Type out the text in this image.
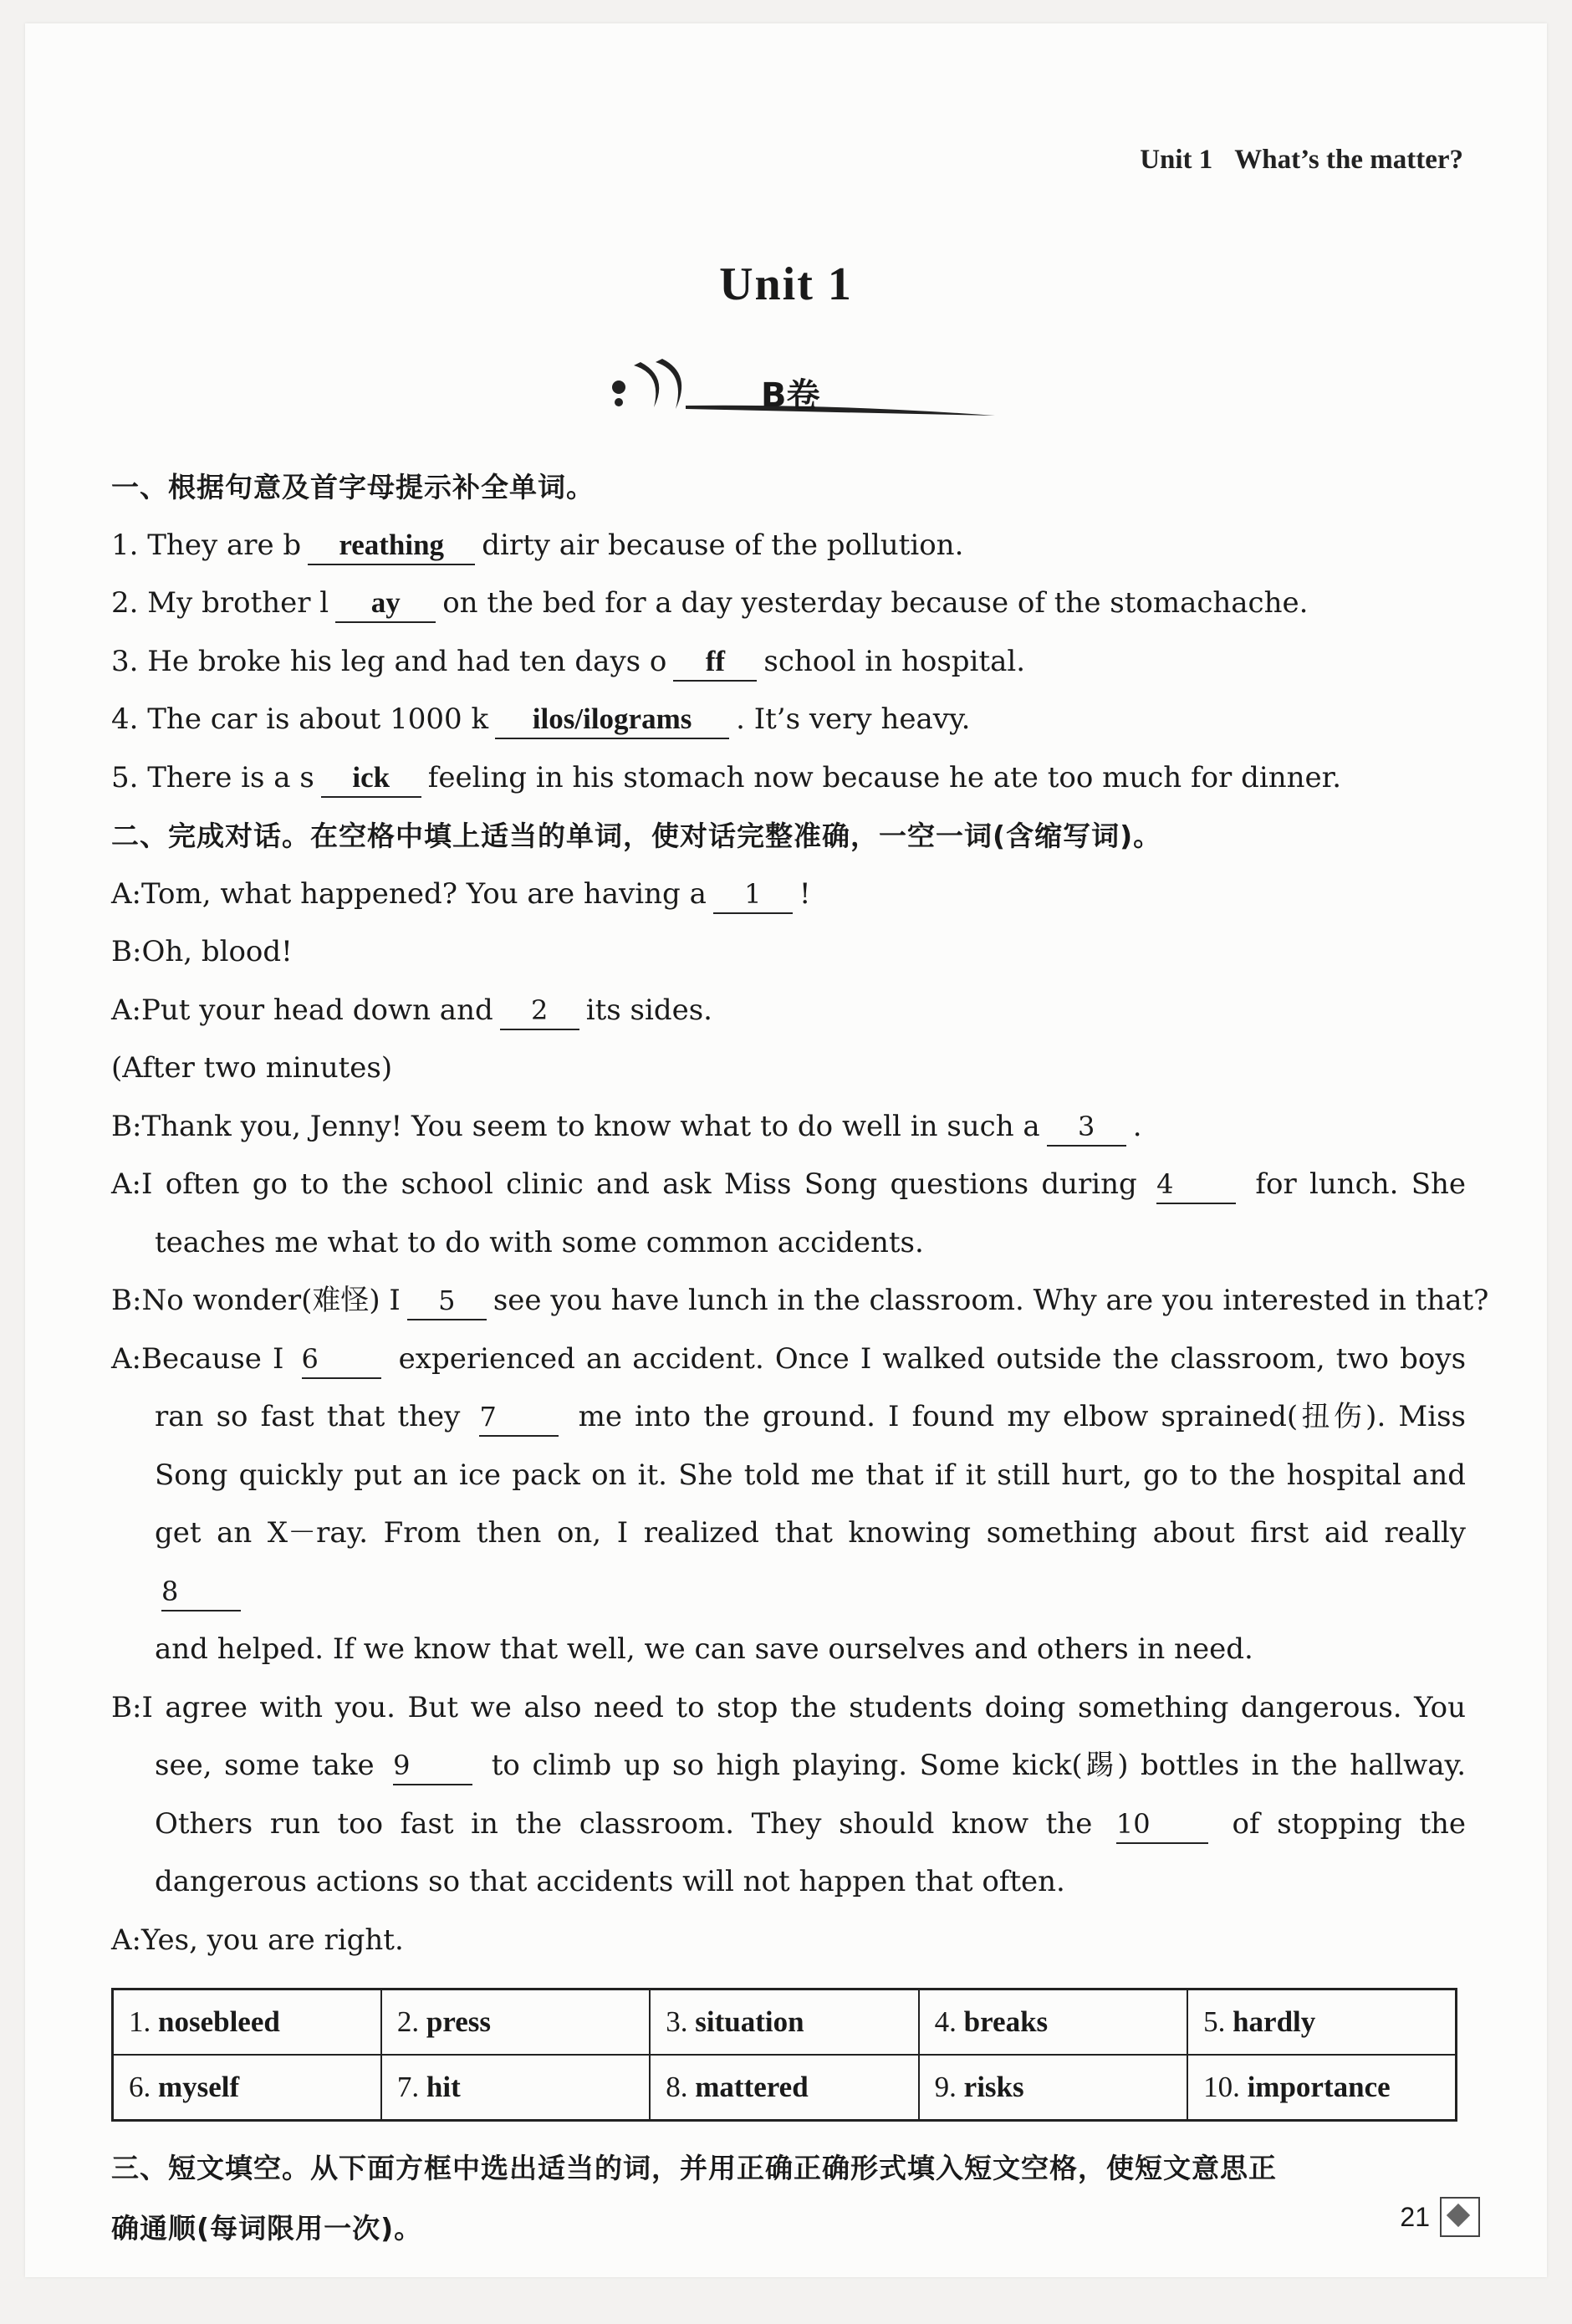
Unit 1 What’s the matter?
Unit 1
B卷
一、根据句意及首字母提示补全单词。
1. They are b reathing dirty air because of the pollution.
2. My brother l ay on the bed for a day yesterday because of the stomachache.
3. He broke his leg and had ten days o ff school in hospital.
4. The car is about 1000 k ilos/ilograms . It’s very heavy.
5. There is a s ick feeling in his stomach now because he ate too much for dinner.
二、完成对话。在空格中填上适当的单词，使对话完整准确，一空一词(含缩写词)。
A:Tom, what happened? You are having a 1 !
B:Oh, blood!
A:Put your head down and 2 its sides.
(After two minutes)
B:Thank you, Jenny! You seem to know what to do well in such a 3 .
A:I often go to the school clinic and ask Miss Song questions during 4	for lunch. She
teaches me what to do with some common accidents.
B:No wonder(难怪) I 5 see you have lunch in the classroom. Why are you interested in that?
A:Because I 6	experienced an accident. Once I walked outside the classroom, two boys
ran so fast that they 7	me into the ground. I found my elbow sprained(扭伤). Miss
Song quickly put an ice pack on it. She told me that if it still hurt, go to the hospital and
get an X－ray. From then on, I realized that knowing something about first aid really 8
and helped. If we know that well, we can save ourselves and others in need.
B:I agree with you. But we also need to stop the students doing something dangerous. You
see, some take 9	to climb up so high playing. Some kick(踢) bottles in the hallway.
Others run too fast in the classroom. They should know the 10	of stopping the
dangerous actions so that accidents will not happen that often.
A:Yes, you are right.
1. nosebleed	2. press	3. situation	4. breaks	5. hardly
6. myself	7. hit	8. mattered	9. risks	10. importance
三、短文填空。从下面方框中选出适当的词，并用正确正确形式填入短文空格，使短文意思正
确通顺(每词限用一次)。	21
